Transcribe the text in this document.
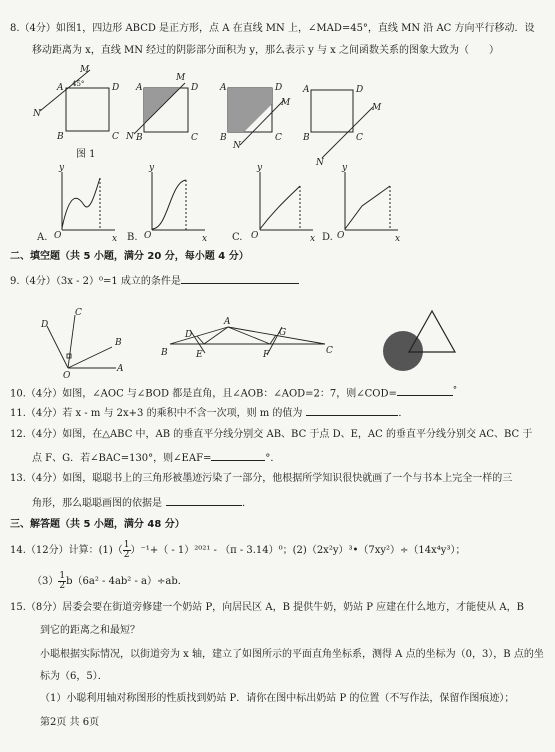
8.（4分）如图1，四边形 ABCD 是正方形，点 A 在直线 MN 上，∠MAD=45°，直线 MN 沿 AC 方向平行移动．设
移动距离为 x，直线 MN 经过的阴影部分面积为 y，那么表示 y 与 x 之间函数关系的图象大致为（　　）
M
N
A	D
B	C
45°
M
N
A	D
B	C
M
N
A	D
B	C
M
N
A	D
B	C
图 1
y
x
O
y
x
O
y
x
O
y
x
O
A.	B.	C.	D.
D
C
B
A
O
D
A
G
B	E	F	C
二、填空题（共 5 小题，满分 20 分，每小题 4 分）
9.（4分）（3x - 2）⁰=1 成立的条件是
10.（4分）如图，∠AOC 与∠BOD 都是直角，且∠AOB：∠AOD=2：7，则∠COD=	°
11.（4分）若 x - m 与 2x+3 的乘积中不含一次项，则 m 的值为	．
12.（4分）如图，在△ABC 中，AB 的垂直平分线分别交 AB、BC 于点 D、E，AC 的垂直平分线分别交 AC、BC 于
点 F、G．若∠BAC=130°，则∠EAF=	°．
13.（4分）如图，聪聪书上的三角形被墨迹污染了一部分，他根据所学知识很快就画了一个与书本上完全一样的三
角形，那么聪聪画图的依据是	．
三、解答题（共 5 小题，满分 48 分）
14.（12分）计算：$(1)( \frac{1}{2} )^{-1}+( - 1)^{2021} - (\pi - 3.14)^0$；(2)（2x²y）³•（7xy²）÷（14x⁴y³）；
$(3) \frac{1}{2} b(6a^2 - 4ab^2 - a)\div ab$．
15.（8分）居委会要在街道旁修建一个奶站 P，向居民区 A，B 提供牛奶，奶站 P 应建在什么地方，才能使从 A，B
到它的距离之和最短？
小聪根据实际情况，以街道旁为 x 轴，建立了如图所示的平面直角坐标系，测得 A 点的坐标为（0，3），B 点的坐
标为（6，5）．
（1）小聪利用轴对称图形的性质找到奶站 P．请你在图中标出奶站 P 的位置（不写作法，保留作图痕迹）；
第2页 共 6页
